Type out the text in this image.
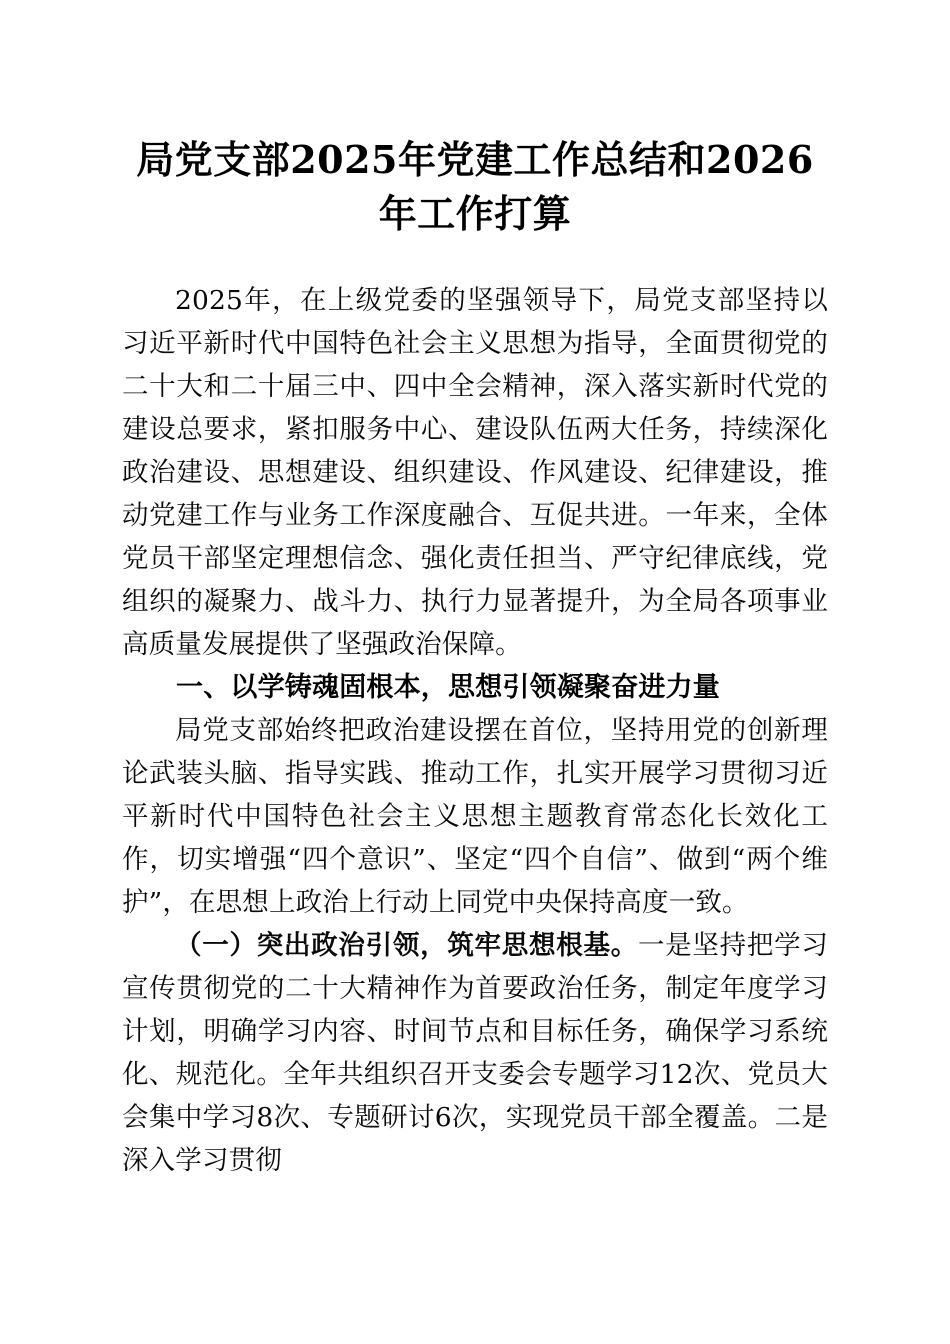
局党支部2025年党建工作总结和2026年工作打算

2025年，在上级党委的坚强领导下，局党支部坚持以习近平新时代中国特色社会主义思想为指导，全面贯彻党的二十大和二十届三中、四中全会精神，深入落实新时代党的建设总要求，紧扣服务中心、建设队伍两大任务，持续深化政治建设、思想建设、组织建设、作风建设、纪律建设，推动党建工作与业务工作深度融合、互促共进。一年来，全体党员干部坚定理想信念、强化责任担当、严守纪律底线，党组织的凝聚力、战斗力、执行力显著提升，为全局各项事业高质量发展提供了坚强政治保障。

一、以学铸魂固根本，思想引领凝聚奋进力量

局党支部始终把政治建设摆在首位，坚持用党的创新理论武装头脑、指导实践、推动工作，扎实开展学习贯彻习近平新时代中国特色社会主义思想主题教育常态化长效化工作，切实增强“四个意识”、坚定“四个自信”、做到“两个维护”，在思想上政治上行动上同党中央保持高度一致。

（一）突出政治引领，筑牢思想根基。一是坚持把学习宣传贯彻党的二十大精神作为首要政治任务，制定年度学习计划，明确学习内容、时间节点和目标任务，确保学习系统化、规范化。全年共组织召开支委会专题学习12次、党员大会集中学习8次、专题研讨6次，实现党员干部全覆盖。二是深入学习贯彻
